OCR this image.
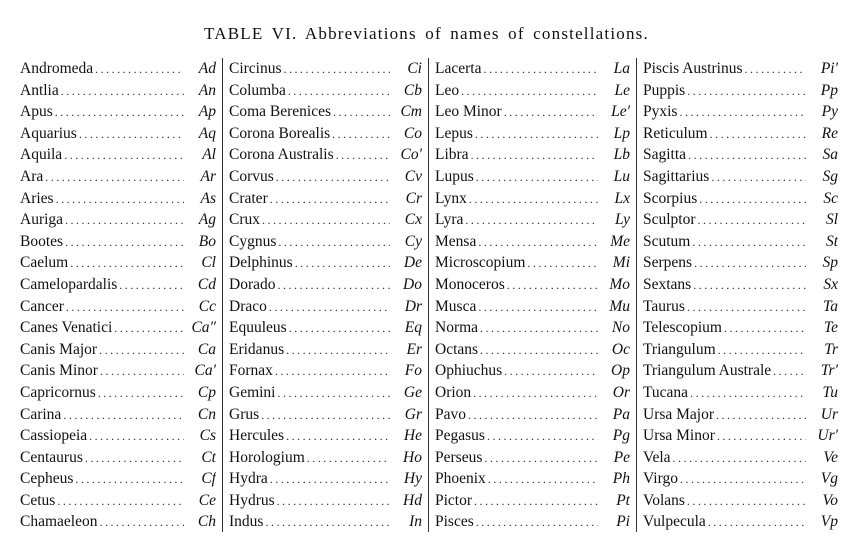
TABLE VI. Abbreviations of names of constellations.
Andromeda .....	Ad
Antlia .....	An
Apus .....	Ap
Aquarius .....	Aq
Aquila .....	Al
Ara .....	Ar
Aries .....	As
Auriga .....	Ag
Bootes .....	Bo
Caelum .....	Cl
Camelopardalis .....	Cd
Cancer .....	Cc
Canes Venatici .....	Ca″
Canis Major .....	Ca
Canis Minor .....	Ca′
Capricornus .....	Cp
Carina .....	Cn
Cassiopeia .....	Cs
Centaurus .....	Ct
Cepheus .....	Cf
Cetus .....	Ce
Chamaeleon .....	Ch
Circinus .....	Ci
Columba .....	Cb
Coma Berenices .....	Cm
Corona Borealis .....	Co
Corona Australis .....	Co′
Corvus .....	Cv
Crater .....	Cr
Crux .....	Cx
Cygnus .....	Cy
Delphinus .....	De
Dorado .....	Do
Draco .....	Dr
Equuleus .....	Eq
Eridanus .....	Er
Fornax .....	Fo
Gemini .....	Ge
Grus .....	Gr
Hercules .....	He
Horologium .....	Ho
Hydra .....	Hy
Hydrus .....	Hd
Indus .....	In
Lacerta .....	La
Leo .....	Le
Leo Minor .....	Le′
Lepus .....	Lp
Libra .....	Lb
Lupus .....	Lu
Lynx .....	Lx
Lyra .....	Ly
Mensa .....	Me
Microscopium .....	Mi
Monoceros .....	Mo
Musca .....	Mu
Norma .....	No
Octans .....	Oc
Ophiuchus .....	Op
Orion .....	Or
Pavo .....	Pa
Pegasus .....	Pg
Perseus .....	Pe
Phoenix .....	Ph
Pictor .....	Pt
Pisces .....	Pi
Piscis Austrinus .....	Pi′
Puppis .....	Pp
Pyxis .....	Py
Reticulum .....	Re
Sagitta .....	Sa
Sagittarius .....	Sg
Scorpius .....	Sc
Sculptor .....	Sl
Scutum .....	St
Serpens .....	Sp
Sextans .....	Sx
Taurus .....	Ta
Telescopium .....	Te
Triangulum .....	Tr
Triangulum Australe .....	Tr′
Tucana .....	Tu
Ursa Major .....	Ur
Ursa Minor .....	Ur′
Vela .....	Ve
Virgo .....	Vg
Volans .....	Vo
Vulpecula .....	Vp
